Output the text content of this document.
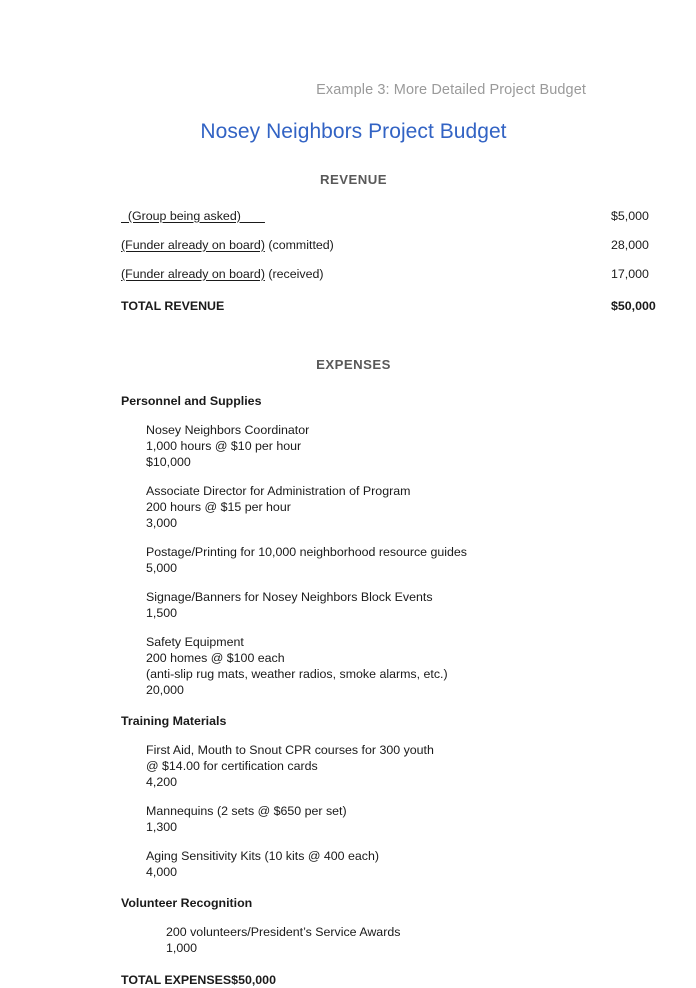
Example 3: More Detailed Project Budget
Nosey Neighbors Project Budget
REVENUE
(Group being asked)	$5,000
(Funder already on board) (committed)	28,000
(Funder already on board) (received)	17,000
TOTAL REVENUE	$50,000
EXPENSES
Personnel and Supplies
Nosey Neighbors Coordinator
1,000 hours @ $10 per hour
$10,000
Associate Director for Administration of Program
200 hours @ $15 per hour
3,000
Postage/Printing for 10,000 neighborhood resource guides
5,000
Signage/Banners for Nosey Neighbors Block Events
1,500
Safety Equipment
200 homes @ $100 each
(anti-slip rug mats, weather radios, smoke alarms, etc.)
20,000
Training Materials
First Aid, Mouth to Snout CPR courses for 300 youth
@ $14.00 for certification cards
4,200
Mannequins (2 sets @ $650 per set)
1,300
Aging Sensitivity Kits (10 kits @ 400 each)
4,000
Volunteer Recognition
200 volunteers/President’s Service Awards
1,000
TOTAL EXPENSES$50,000
